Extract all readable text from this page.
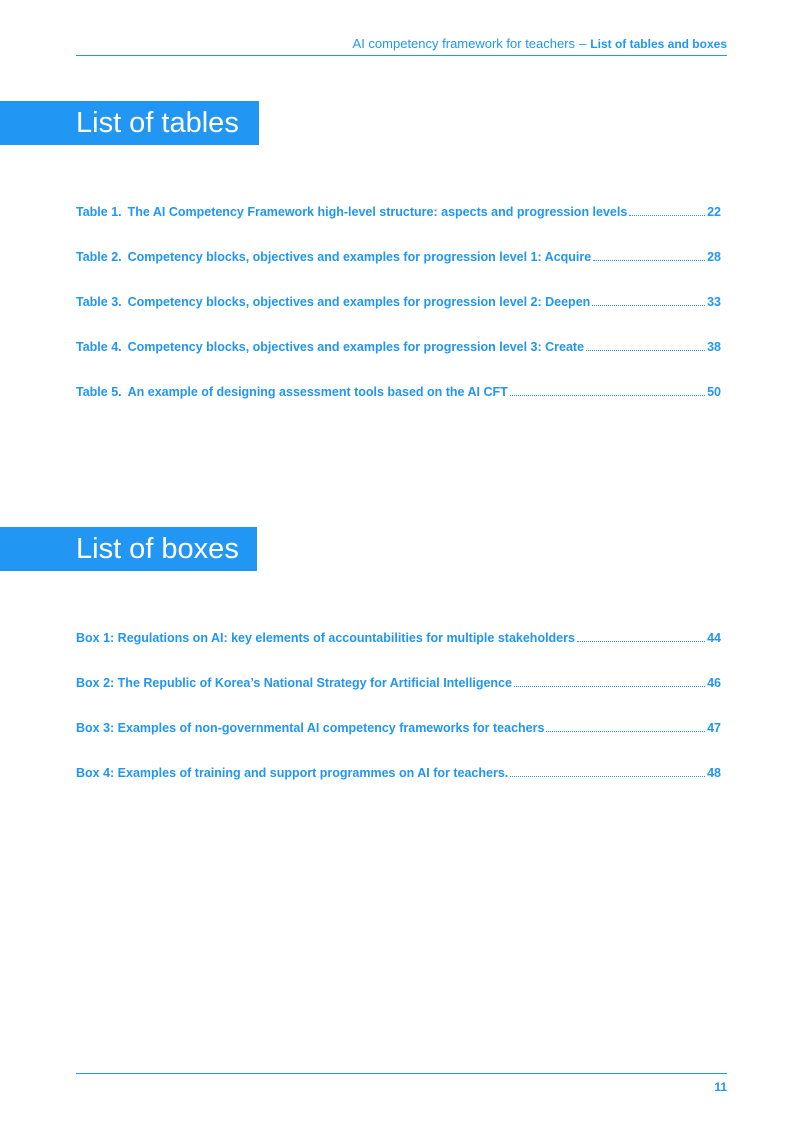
AI competency framework for teachers – List of tables and boxes
List of tables
Table 1. The AI Competency Framework high-level structure: aspects and progression levels	22
Table 2. Competency blocks, objectives and examples for progression level 1: Acquire	28
Table 3. Competency blocks, objectives and examples for progression level 2: Deepen	33
Table 4. Competency blocks, objectives and examples for progression level 3: Create	38
Table 5. An example of designing assessment tools based on the AI CFT	50
List of boxes
Box 1: Regulations on AI: key elements of accountabilities for multiple stakeholders	44
Box 2: The Republic of Korea’s National Strategy for Artificial Intelligence	46
Box 3: Examples of non-governmental AI competency frameworks for teachers	47
Box 4: Examples of training and support programmes on AI for teachers.	48
11
